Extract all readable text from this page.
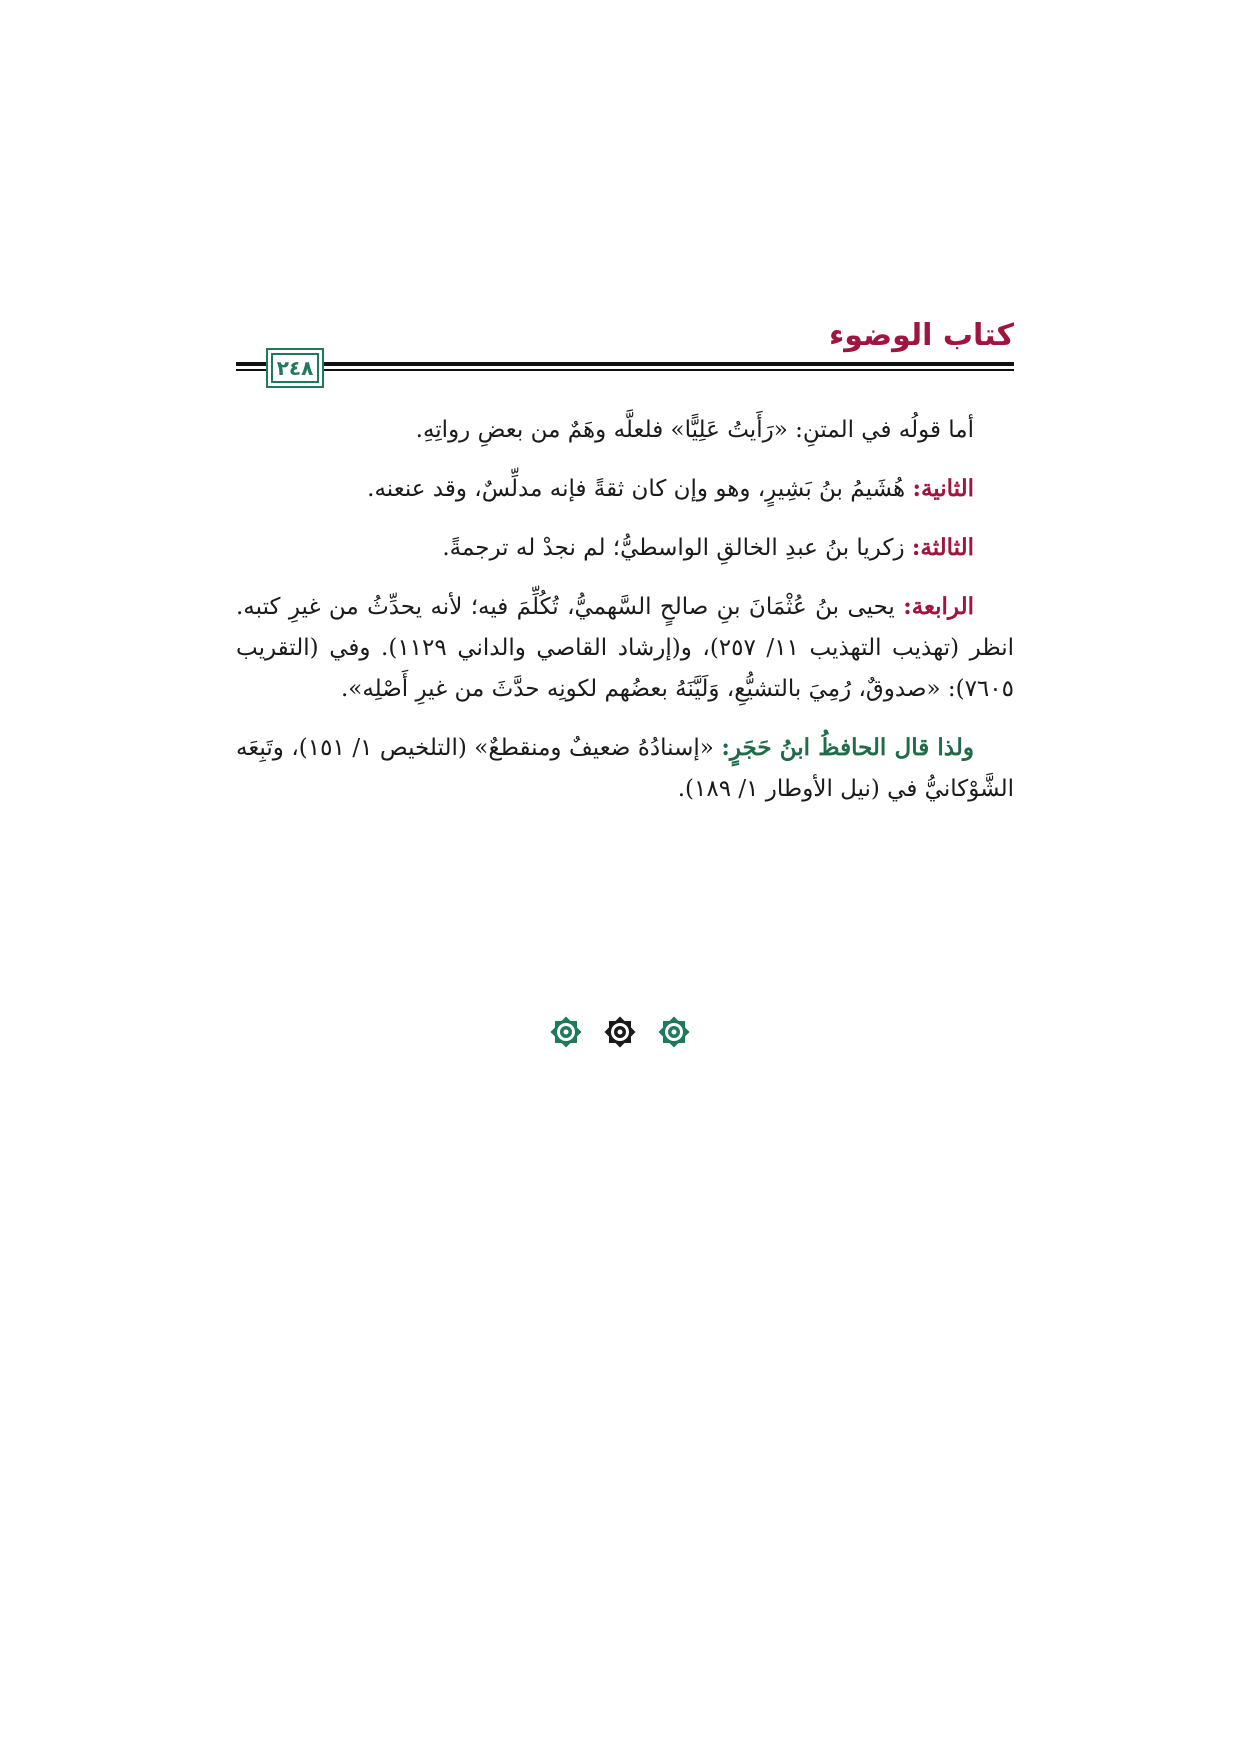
كتاب الوضوء
٢٤٨

أما قولُه في المتنِ: «رَأَيتُ عَلِيًّا» فلعلَّه وهَمٌ من بعضِ رواتِهِ.

الثانية: هُشَيمُ بنُ بَشِيرٍ، وهو وإن كان ثقةً فإنه مدلِّسٌ، وقد عنعنه.

الثالثة: زكريا بنُ عبدِ الخالقِ الواسطيُّ؛ لم نجدْ له ترجمةً.

الرابعة: يحيى بنُ عُثْمَانَ بنِ صالحٍ السَّهميُّ، تُكُلِّمَ فيه؛ لأنه يحدِّثُ من غيرِ كتبه. انظر (تهذيب التهذيب ١١/ ٢٥٧)، و(إرشاد القاصي والداني ١١٢٩). وفي (التقريب ٧٦٠٥): «صدوقٌ، رُمِيَ بالتشيُّعِ، وَلَيَّنَهُ بعضُهم لكونِه حدَّثَ من غيرِ أَصْلِه».

ولذا قال الحافظُ ابنُ حَجَرٍ: «إسنادُهُ ضعيفٌ ومنقطعٌ» (التلخيص ١/ ١٥١)، وتَبِعَه الشَّوْكانيُّ في (نيل الأوطار ١/ ١٨٩).
